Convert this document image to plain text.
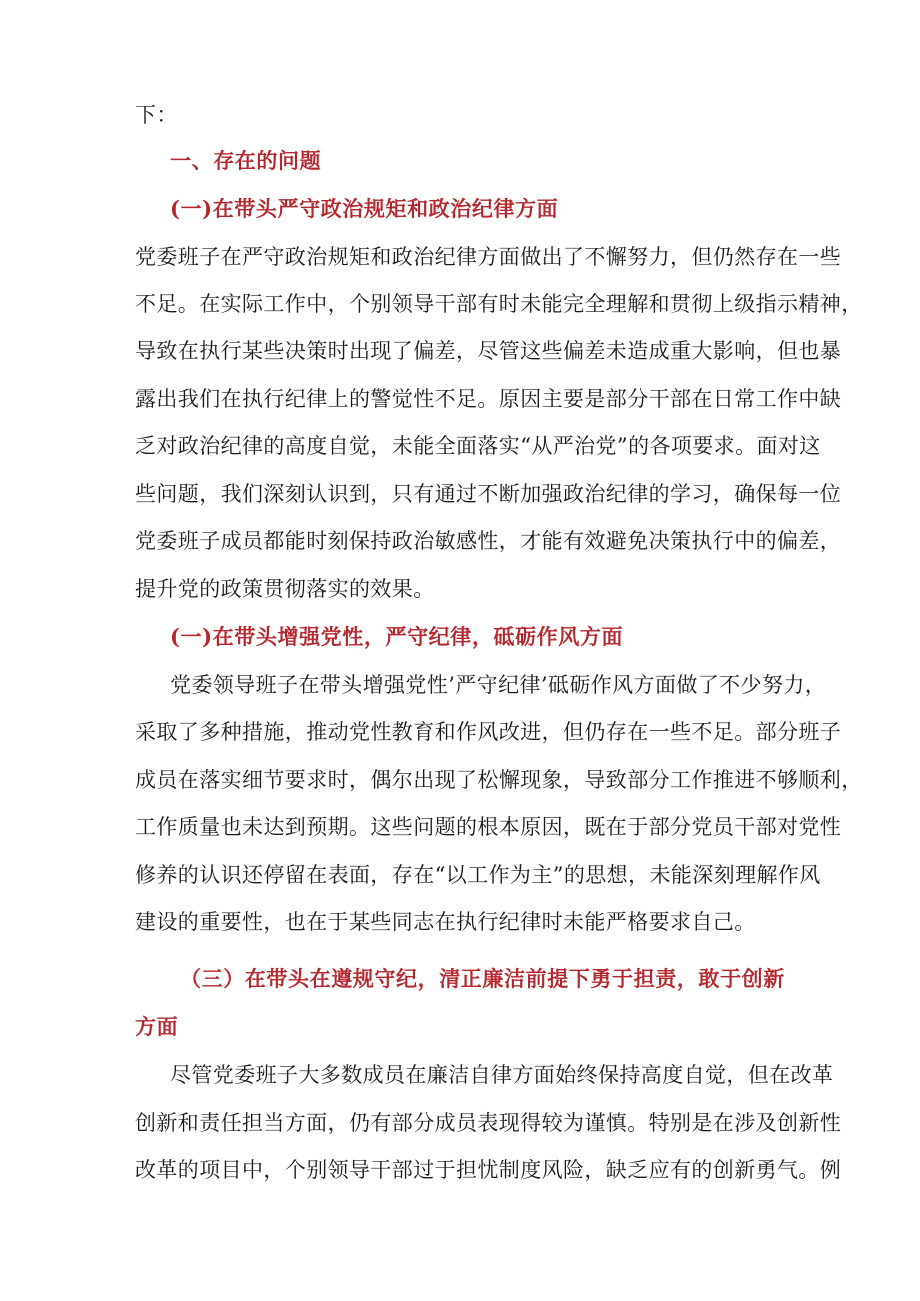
下：
一、存在的问题
(一)在带头严守政治规矩和政治纪律方面
党委班子在严守政治规矩和政治纪律方面做出了不懈努力，但仍然存在一些
不足。在实际工作中，个别领导干部有时未能完全理解和贯彻上级指示精神，
导致在执行某些决策时出现了偏差，尽管这些偏差未造成重大影响，但也暴
露出我们在执行纪律上的警觉性不足。原因主要是部分干部在日常工作中缺
乏对政治纪律的高度自觉，未能全面落实“从严治党”的各项要求。面对这
些问题，我们深刻认识到，只有通过不断加强政治纪律的学习，确保每一位
党委班子成员都能时刻保持政治敏感性，才能有效避免决策执行中的偏差，
提升党的政策贯彻落实的效果。
(一)在带头增强党性，严守纪律，砥砺作风方面
党委领导班子在带头增强党性’严守纪律’砥砺作风方面做了不少努力，
采取了多种措施，推动党性教育和作风改进，但仍存在一些不足。部分班子
成员在落实细节要求时，偶尔出现了松懈现象，导致部分工作推进不够顺利，
工作质量也未达到预期。这些问题的根本原因，既在于部分党员干部对党性
修养的认识还停留在表面，存在“以工作为主”的思想，未能深刻理解作风
建设的重要性，也在于某些同志在执行纪律时未能严格要求自己。
（三）在带头在遵规守纪，清正廉洁前提下勇于担责，敢于创新
方面
尽管党委班子大多数成员在廉洁自律方面始终保持高度自觉，但在改革
创新和责任担当方面，仍有部分成员表现得较为谨慎。特别是在涉及创新性
改革的项目中，个别领导干部过于担忧制度风险，缺乏应有的创新勇气。例
